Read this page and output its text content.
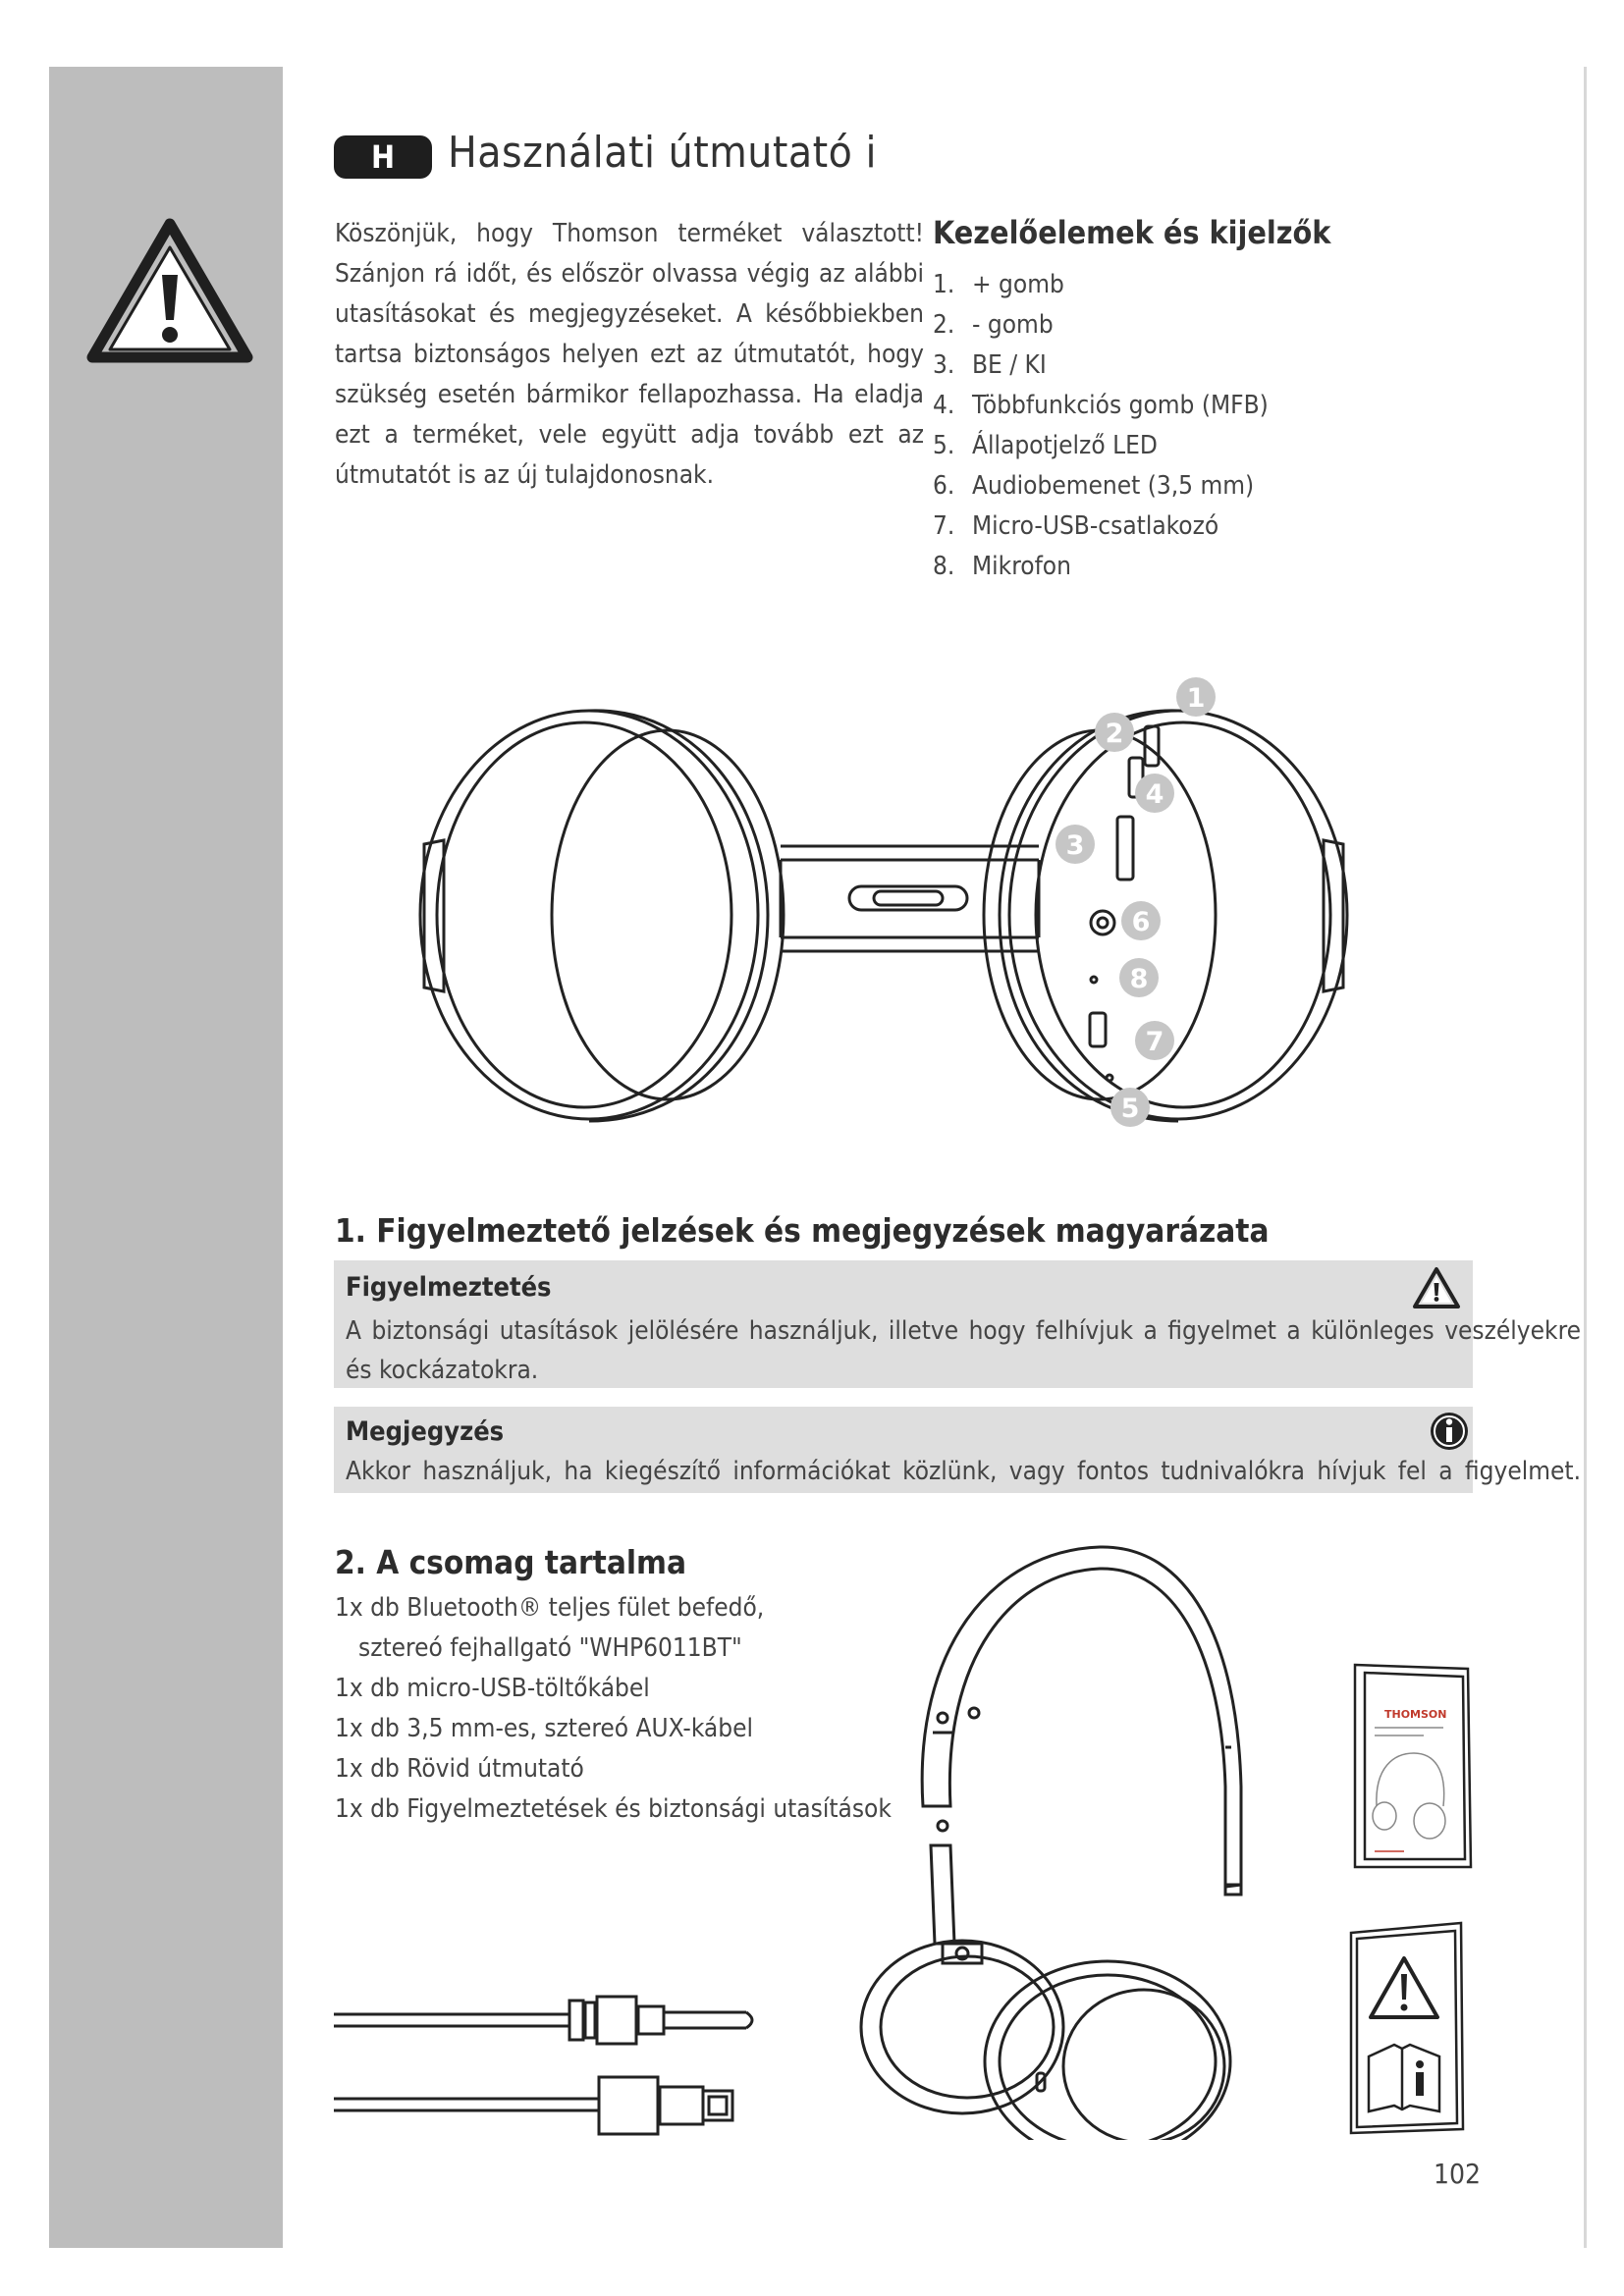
H	Használati útmutató i

Köszönjük, hogy Thomson terméket választott!

Szánjon rá időt, és először olvassa végig az alábbi

utasításokat és megjegyzéseket. A későbbiekben

tartsa biztonságos helyen ezt az útmutatót, hogy

szükség esetén bármikor fellapozhassa. Ha eladja

ezt a terméket, vele együtt adja tovább ezt az

útmutatót is az új tulajdonosnak.

Kezelőelemek és kijelzők
1. + gomb
2. - gomb
3. BE / KI
4. Többfunkciós gomb (MFB)
5. Állapotjelző LED
6. Audiobemenet (3,5 mm)
7. Micro-USB-csatlakozó
8. Mikrofon
1
2
3
4
5
6
7
8
1. Figyelmeztető jelzések és megjegyzések magyarázata
Figyelmeztetés
A biztonsági utasítások jelölésére használjuk, illetve hogy felhívjuk a figyelmet a különleges veszélyekre
és kockázatokra.
Megjegyzés
Akkor használjuk, ha kiegészítő információkat közlünk, vagy fontos tudnivalókra hívjuk fel a figyelmet.
2. A csomag tartalma
1x db Bluetooth® teljes fület befedő,
sztereó fejhallgató "WHP6011BT"
1x db micro-USB-töltőkábel
1x db 3,5 mm-es, sztereó AUX-kábel
1x db Rövid útmutató
1x db Figyelmeztetések és biztonsági utasítások
THOMSON
102
